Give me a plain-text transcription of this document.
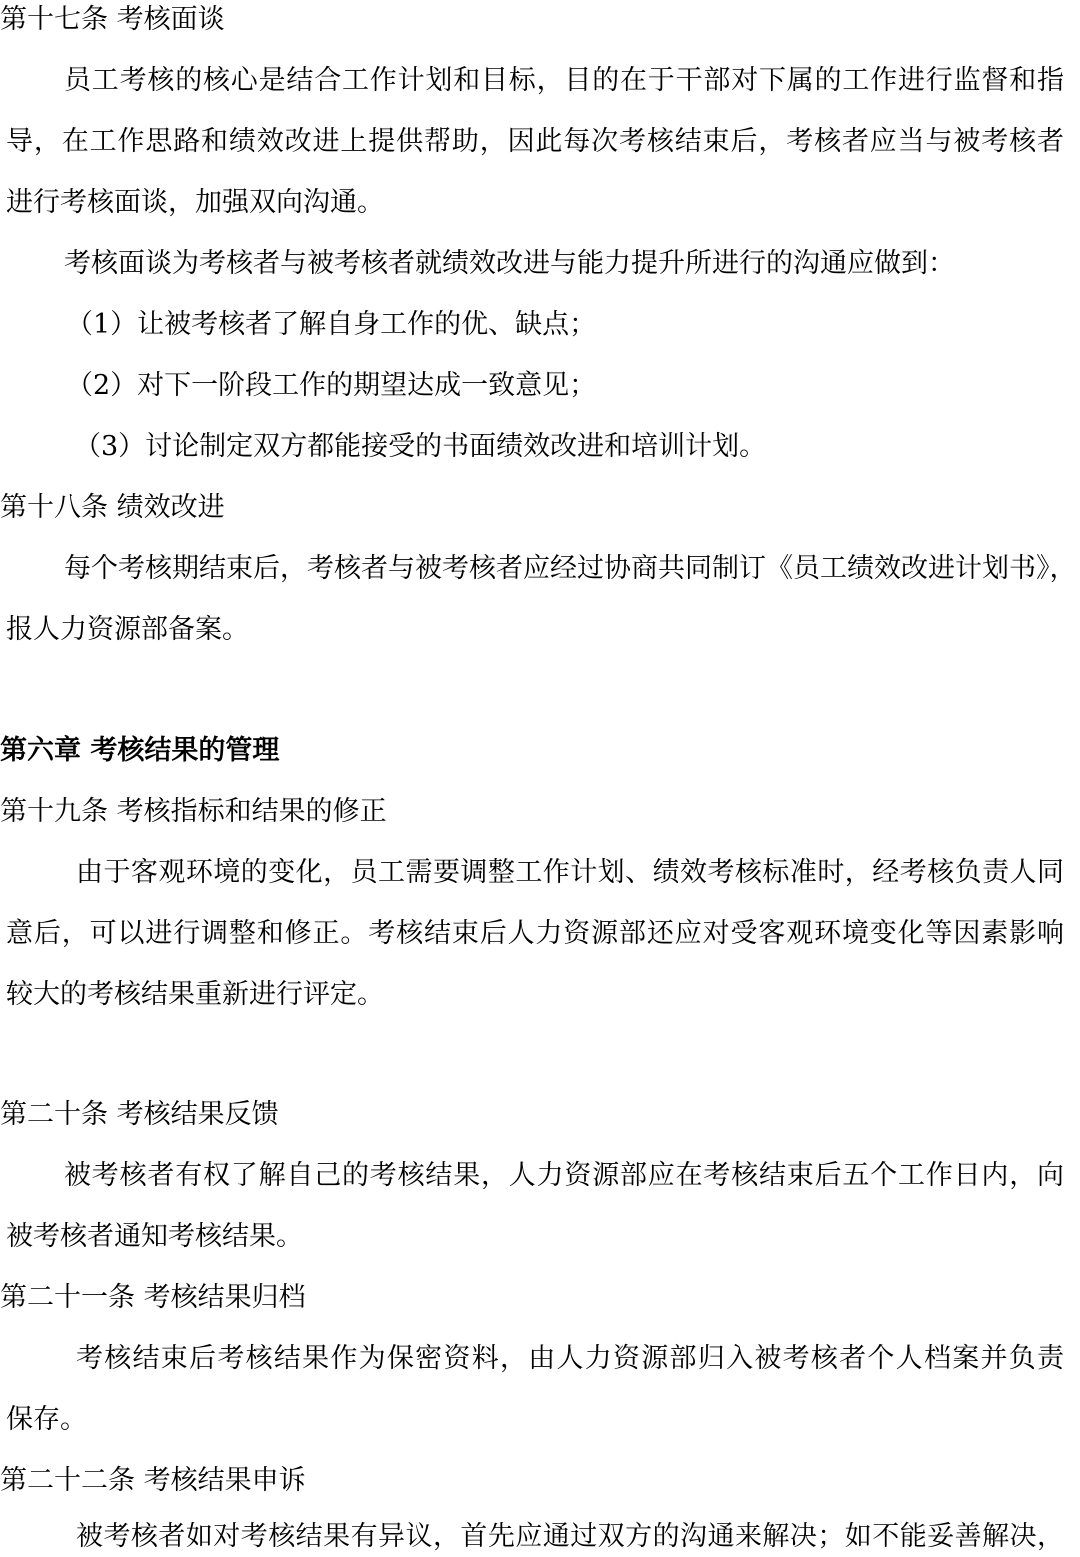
第十七条 考核面谈
员工考核的核心是结合工作计划和目标，目的在于干部对下属的工作进行监督和指
导，在工作思路和绩效改进上提供帮助，因此每次考核结束后，考核者应当与被考核者
进行考核面谈，加强双向沟通。
考核面谈为考核者与被考核者就绩效改进与能力提升所进行的沟通应做到：
（1）让被考核者了解自身工作的优、缺点；
（2）对下一阶段工作的期望达成一致意见；
（3）讨论制定双方都能接受的书面绩效改进和培训计划。
第十八条 绩效改进
每个考核期结束后，考核者与被考核者应经过协商共同制订《员工绩效改进计划书》，
报人力资源部备案。
第六章 考核结果的管理
第十九条 考核指标和结果的修正
由于客观环境的变化，员工需要调整工作计划、绩效考核标准时，经考核负责人同
意后，可以进行调整和修正。考核结束后人力资源部还应对受客观环境变化等因素影响
较大的考核结果重新进行评定。
第二十条 考核结果反馈
被考核者有权了解自己的考核结果，人力资源部应在考核结束后五个工作日内，向
被考核者通知考核结果。
第二十一条 考核结果归档
考核结束后考核结果作为保密资料，由人力资源部归入被考核者个人档案并负责
保存。
第二十二条 考核结果申诉
被考核者如对考核结果有异议，首先应通过双方的沟通来解决；如不能妥善解决，
